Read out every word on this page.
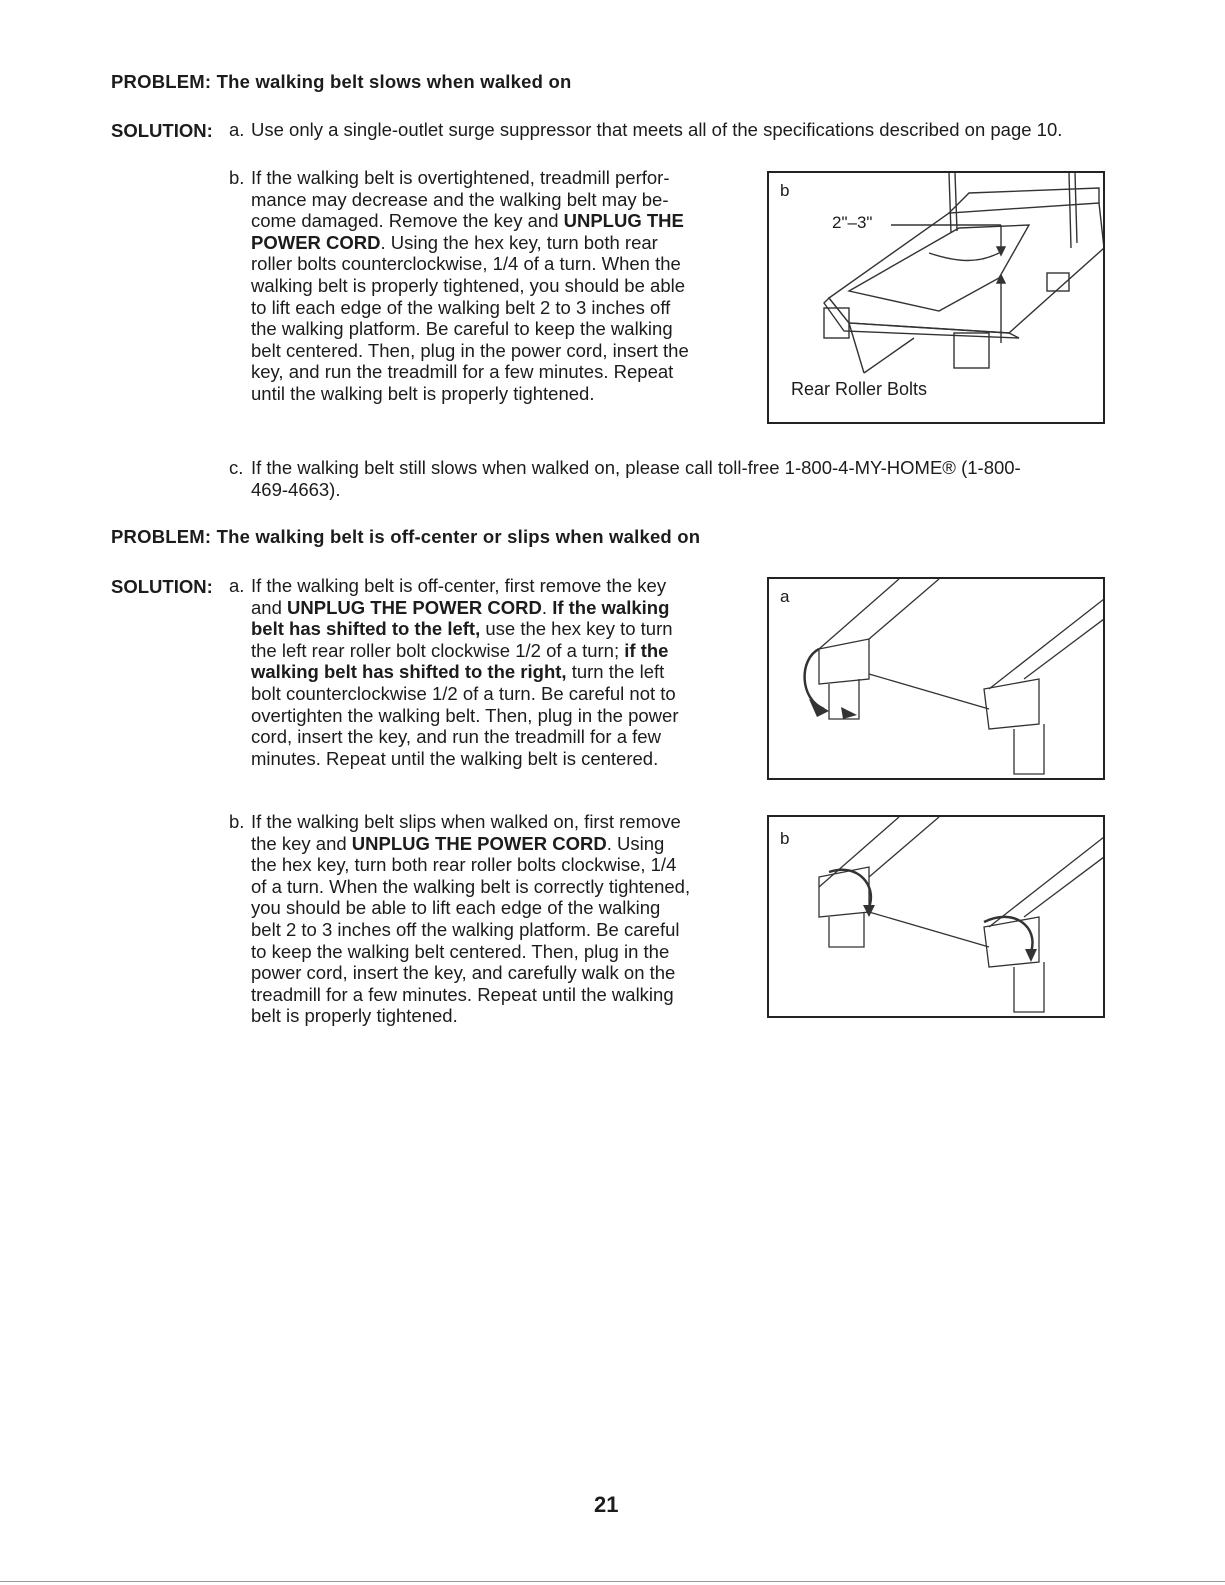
PROBLEM: The walking belt slows when walked on
SOLUTION: a. Use only a single-outlet surge suppressor that meets all of the specifications described on page 10.
b. If the walking belt is overtightened, treadmill perfor-
mance may decrease and the walking belt may be-
come damaged. Remove the key and UNPLUG THE
POWER CORD. Using the hex key, turn both rear
roller bolts counterclockwise, 1/4 of a turn. When the
walking belt is properly tightened, you should be able
to lift each edge of the walking belt 2 to 3 inches off
the walking platform. Be careful to keep the walking
belt centered. Then, plug in the power cord, insert the
key, and run the treadmill for a few minutes. Repeat
until the walking belt is properly tightened.
b
2"–3"
Rear Roller Bolts
c. If the walking belt still slows when walked on, please call toll-free 1-800-4-MY-HOME® (1-800-
469-4663).
PROBLEM: The walking belt is off-center or slips when walked on
SOLUTION: a. If the walking belt is off-center, first remove the key
and UNPLUG THE POWER CORD. If the walking
belt has shifted to the left, use the hex key to turn
the left rear roller bolt clockwise 1/2 of a turn; if the
walking belt has shifted to the right, turn the left
bolt counterclockwise 1/2 of a turn. Be careful not to
overtighten the walking belt. Then, plug in the power
cord, insert the key, and run the treadmill for a few
minutes. Repeat until the walking belt is centered.
a
b. If the walking belt slips when walked on, first remove
the key and UNPLUG THE POWER CORD. Using
the hex key, turn both rear roller bolts clockwise, 1/4
of a turn. When the walking belt is correctly tightened,
you should be able to lift each edge of the walking
belt 2 to 3 inches off the walking platform. Be careful
to keep the walking belt centered. Then, plug in the
power cord, insert the key, and carefully walk on the
treadmill for a few minutes. Repeat until the walking
belt is properly tightened.
b
21
